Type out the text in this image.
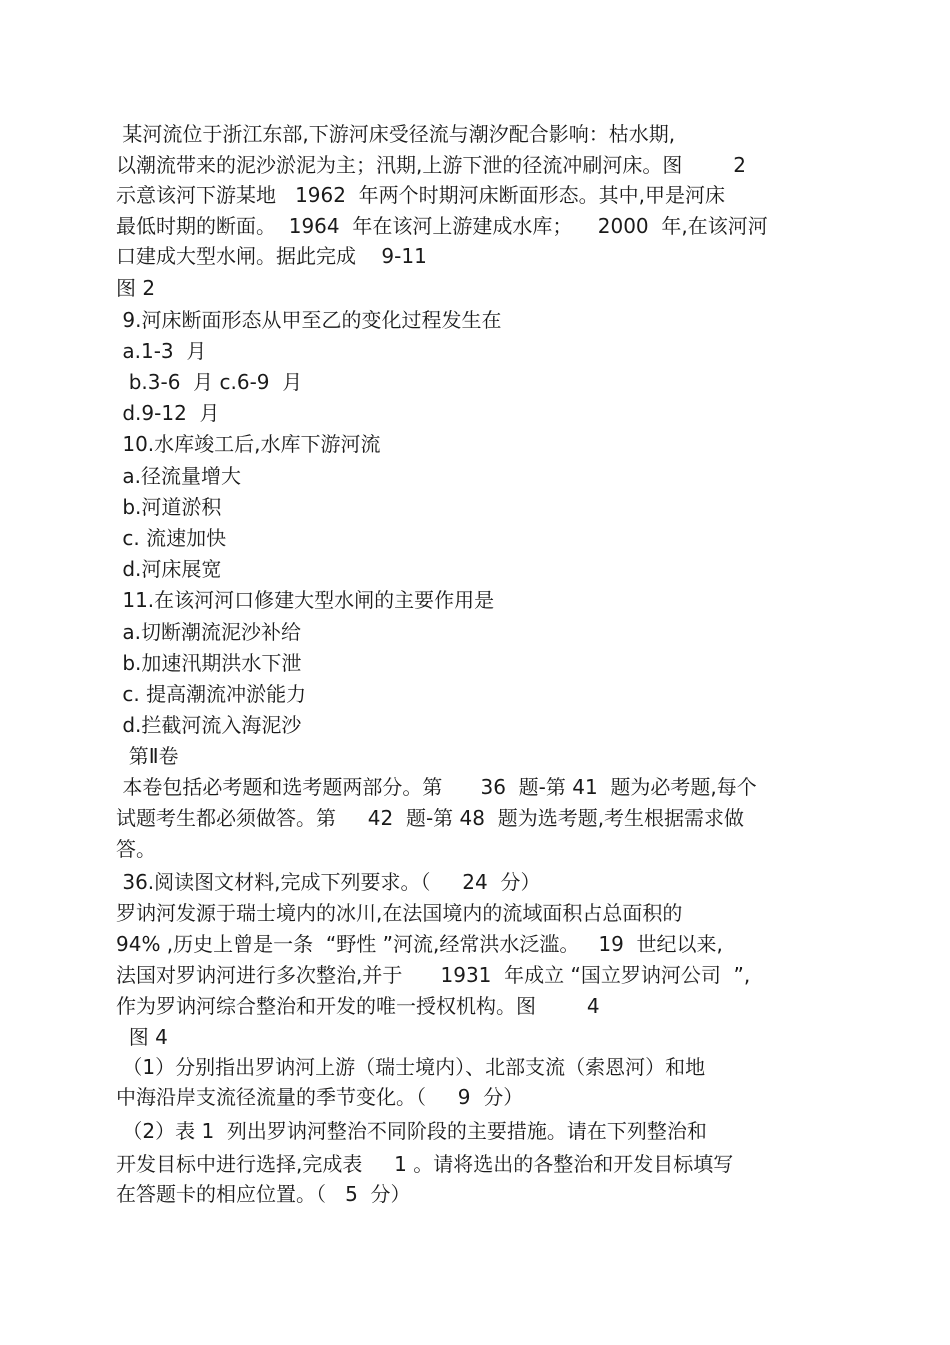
某河流位于浙江东部,下游河床受径流与潮汐配合影响：枯水期,
以潮流带来的泥沙淤泥为主；汛期,上游下泄的径流冲刷河床。图        2
示意该河下游某地   1962  年两个时期河床断面形态。其中,甲是河床
最低时期的断面。  1964  年在该河上游建成水库；    2000  年,在该河河
口建成大型水闸。据此完成    9-11
图 2
9.河床断面形态从甲至乙的变化过程发生在
a.1-3  月
b.3-6  月 c.6-9  月
d.9-12  月
10.水库竣工后,水库下游河流
a.径流量增大
b.河道淤积
c. 流速加快
d.河床展宽
11.在该河河口修建大型水闸的主要作用是
a.切断潮流泥沙补给
b.加速汛期洪水下泄
c. 提高潮流冲淤能力
d.拦截河流入海泥沙
第Ⅱ卷
本卷包括必考题和选考题两部分。第      36  题-第 41  题为必考题,每个
试题考生都必须做答。第     42  题-第 48  题为选考题,考生根据需求做
答。
36.阅读图文材料,完成下列要求。（     24  分）
罗讷河发源于瑞士境内的冰川,在法国境内的流域面积占总面积的
94% ,历史上曾是一条  “野性 ”河流,经常洪水泛滥。   19  世纪以来,
法国对罗讷河进行多次整治,并于      1931  年成立 “国立罗讷河公司  ”,
作为罗讷河综合整治和开发的唯一授权机构。图        4
图 4
（1）分别指出罗讷河上游（瑞士境内）、北部支流（索恩河）和地
中海沿岸支流径流量的季节变化。（     9  分）
（2）表 1  列出罗讷河整治不同阶段的主要措施。请在下列整治和
开发目标中进行选择,完成表     1 。请将选出的各整治和开发目标填写
在答题卡的相应位置。（   5  分）
